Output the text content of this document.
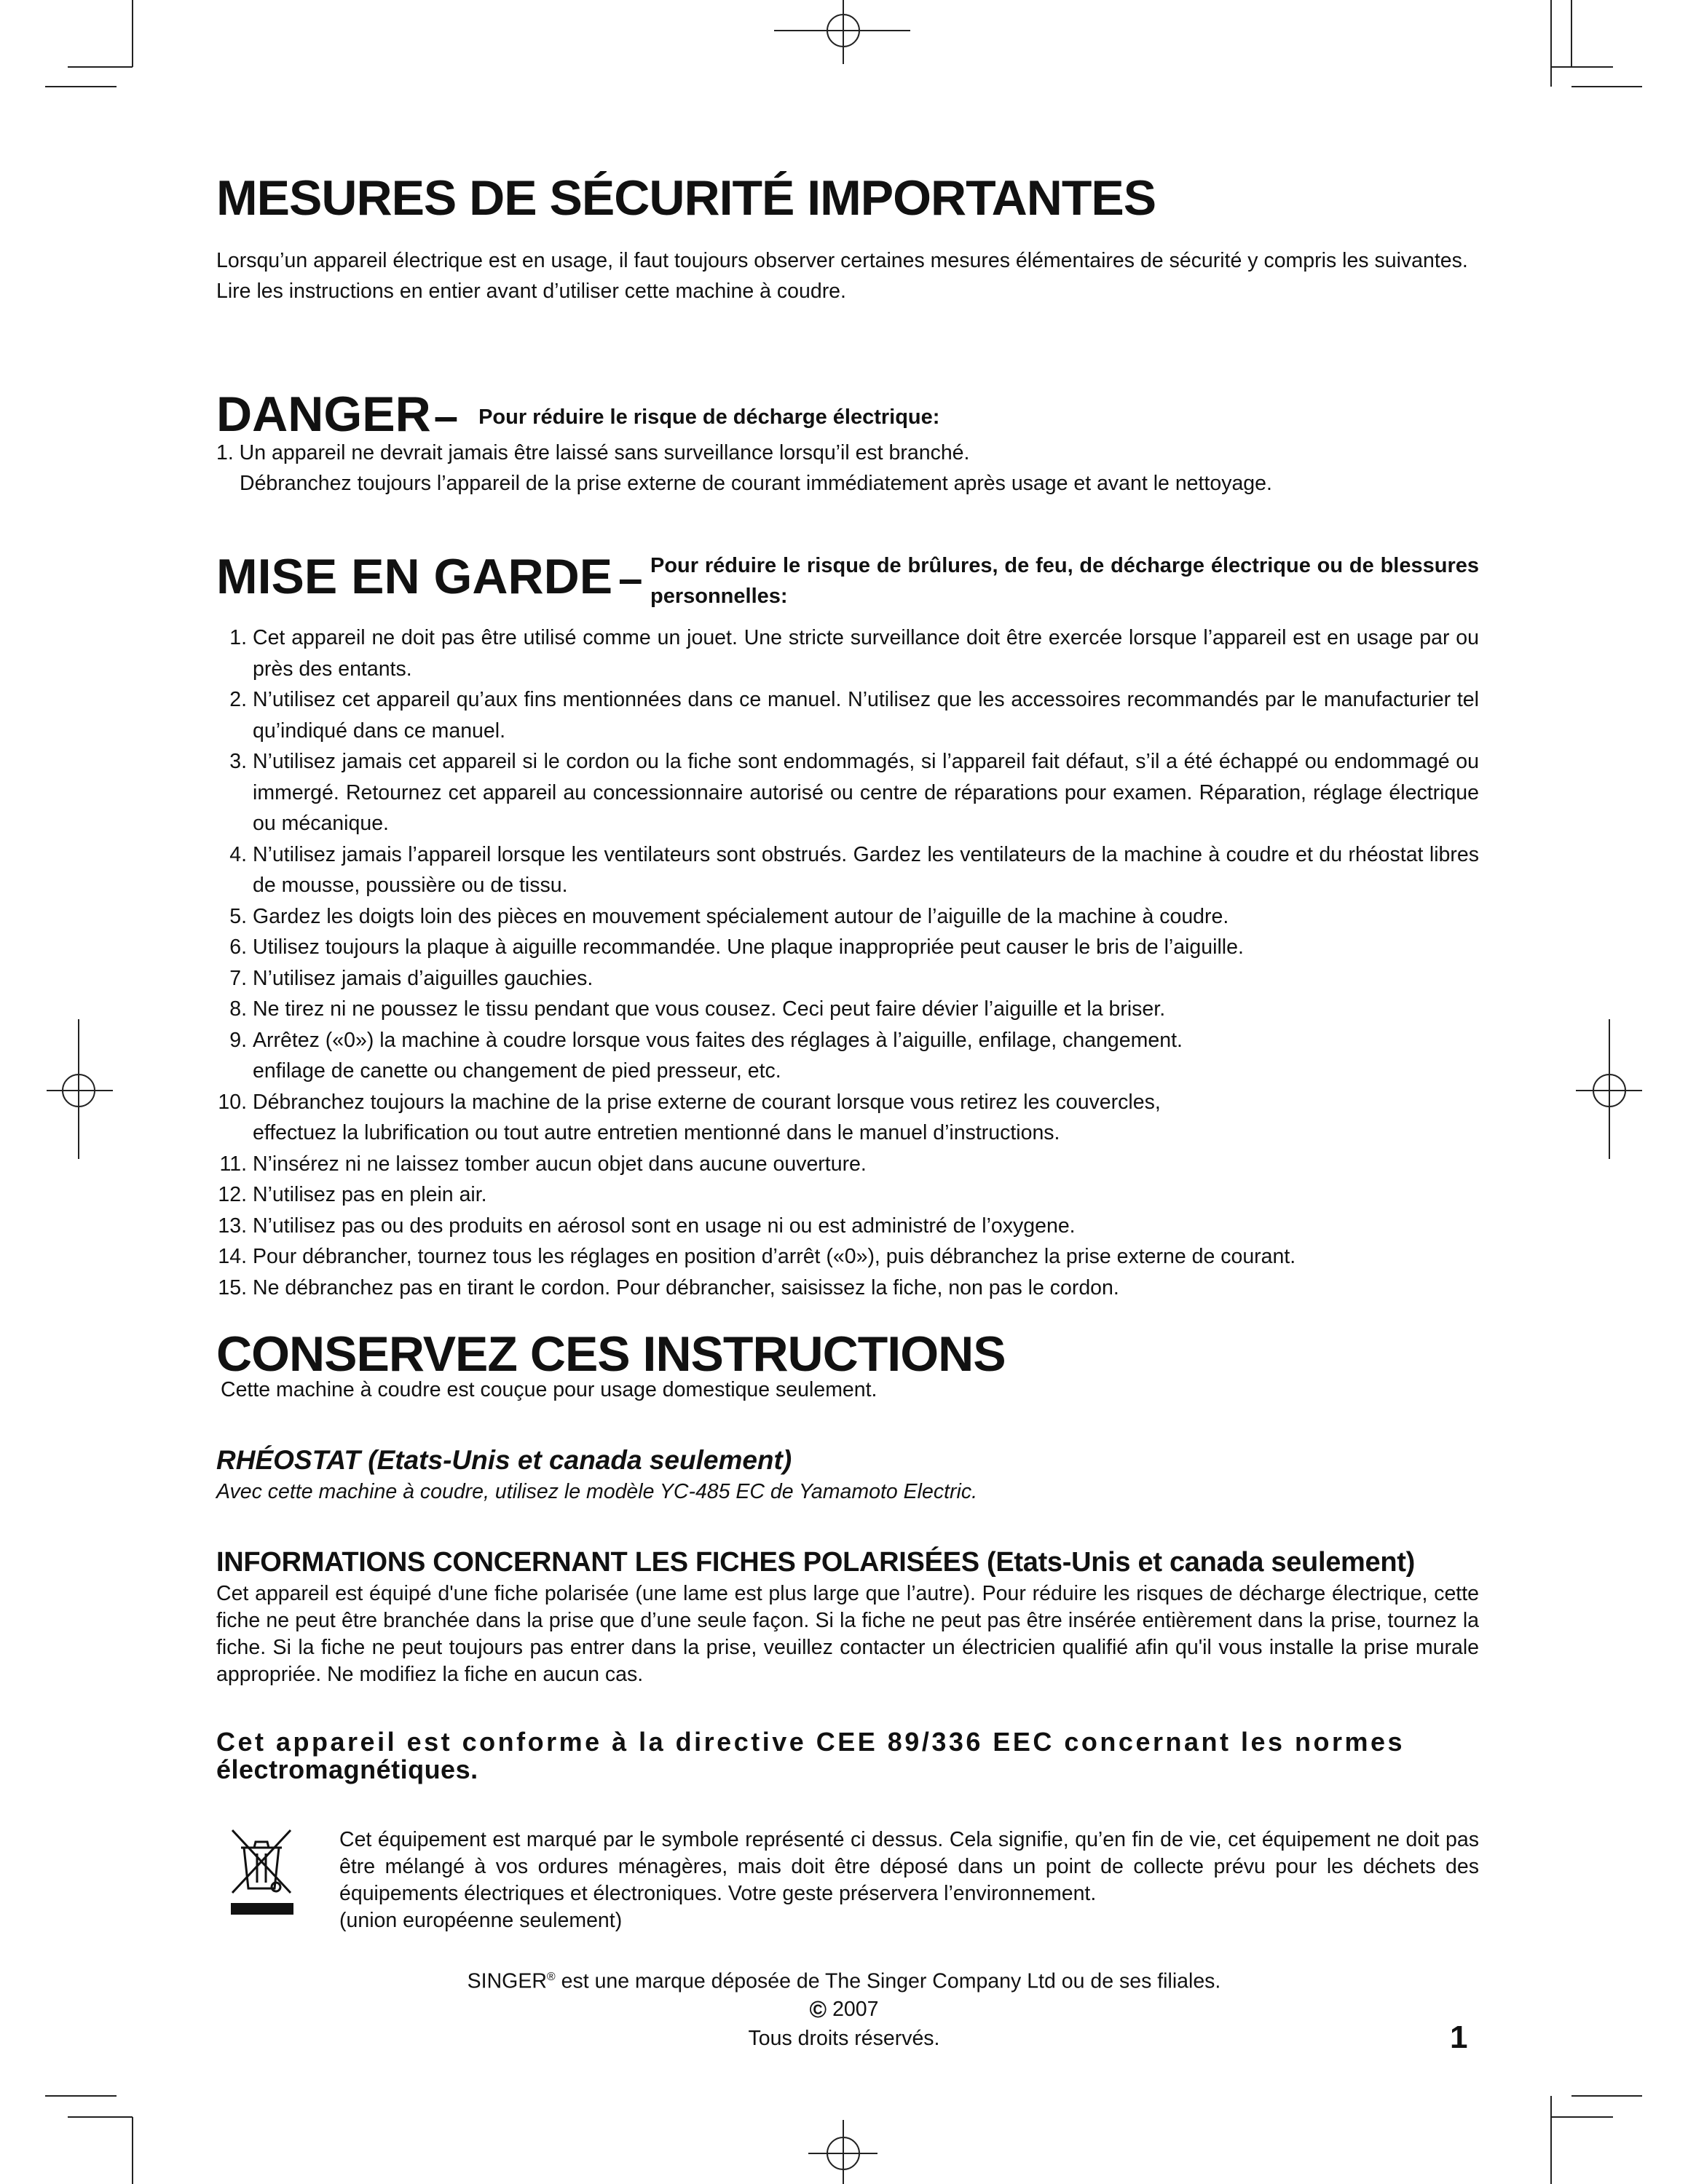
MESURES DE SÉCURITÉ IMPORTANTES
Lorsqu’un appareil électrique est en usage, il faut toujours observer certaines mesures élémentaires de sécurité y compris les suivantes.
Lire les instructions en entier avant d’utiliser cette machine à coudre.
DANGER – Pour réduire le risque de décharge électrique:
1. Un appareil ne devrait jamais être laissé sans surveillance lorsqu’il est branché.
Débranchez toujours l’appareil de la prise externe de courant immédiatement après usage et avant le nettoyage.
MISE EN GARDE – Pour réduire le risque de brûlures, de feu, de décharge électrique ou de blessures personnelles:
1. Cet appareil ne doit pas être utilisé comme un jouet. Une stricte surveillance doit être exercée lorsque l’appareil est en usage par ou près des entants.
2. N’utilisez cet appareil qu’aux fins mentionnées dans ce manuel. N’utilisez que les accessoires recommandés par le manufacturier tel qu’indiqué dans ce manuel.
3. N’utilisez jamais cet appareil si le cordon ou la fiche sont endommagés, si l’appareil fait défaut, s’il a été échappé ou endommagé ou immergé. Retournez cet appareil au concessionnaire autorisé ou centre de réparations pour examen. Réparation, réglage électrique ou mécanique.
4. N’utilisez jamais l’appareil lorsque les ventilateurs sont obstrués. Gardez les ventilateurs de la machine à coudre et du rhéostat libres de mousse, poussière ou de tissu.
5. Gardez les doigts loin des pièces en mouvement spécialement autour de l’aiguille de la machine à coudre.
6. Utilisez toujours la plaque à aiguille recommandée. Une plaque inappropriée peut causer le bris de l’aiguille.
7. N’utilisez jamais d’aiguilles gauchies.
8. Ne tirez ni ne poussez le tissu pendant que vous cousez. Ceci peut faire dévier l’aiguille et la briser.
9. Arrêtez («0») la machine à coudre lorsque vous faites des réglages à l’aiguille, enfilage, changement.
enfilage de canette ou changement de pied presseur, etc.
10. Débranchez toujours la machine de la prise externe de courant lorsque vous retirez les couvercles,
effectuez la lubrification ou tout autre entretien mentionné dans le manuel d’instructions.
11. N’insérez ni ne laissez tomber aucun objet dans aucune ouverture.
12. N’utilisez pas en plein air.
13. N’utilisez pas ou des produits en aérosol sont en usage ni ou est administré de l’oxygene.
14. Pour débrancher, tournez tous les réglages en position d’arrêt («0»), puis débranchez la prise externe de courant.
15. Ne débranchez pas en tirant le cordon. Pour débrancher, saisissez la fiche, non pas le cordon.
CONSERVEZ CES INSTRUCTIONS
Cette machine à coudre est couçue pour usage domestique seulement.
RHÉOSTAT (Etats-Unis et canada seulement)
Avec cette machine à coudre, utilisez le modèle YC-485 EC de Yamamoto Electric.
INFORMATIONS CONCERNANT LES FICHES POLARISÉES (Etats-Unis et canada seulement)
Cet appareil est équipé d'une fiche polarisée (une lame est plus large que l’autre). Pour réduire les risques de décharge électrique, cette fiche ne peut être branchée dans la prise que d’une seule façon. Si la fiche ne peut pas être insérée entièrement dans la prise, tournez la fiche. Si la fiche ne peut toujours pas entrer dans la prise, veuillez contacter un électricien qualifié afin qu'il vous installe la prise murale appropriée. Ne modifiez la fiche en aucun cas.
Cet appareil est conforme à la directive CEE 89/336 EEC concernant les normes
électromagnétiques.
Cet équipement est marqué par le symbole représenté ci dessus. Cela signifie, qu’en fin de vie, cet équipement ne doit pas être mélangé à vos ordures ménagères, mais doit être déposé dans un point de collecte prévu pour les déchets des équipements électriques et électroniques. Votre geste préservera l’environnement.
(union européenne seulement)
SINGER® est une marque déposée de The Singer Company Ltd ou de ses filiales.
© 2007
Tous droits réservés.	1
